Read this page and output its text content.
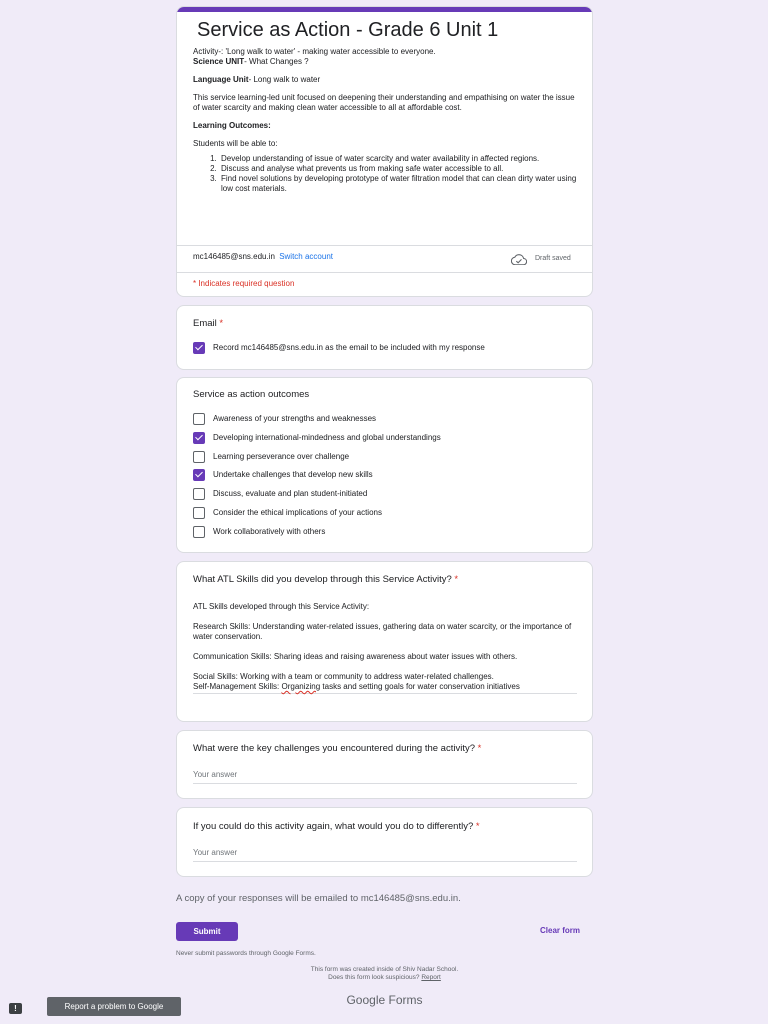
Service as Action - Grade 6 Unit 1

Activity-: 'Long walk to water' - making water accessible to everyone.

Science UNIT- What Changes ?

Language Unit- Long walk to water

This service learning-led unit focused on deepening their understanding and empathising on water the issue of water scarcity and making clean water accessible to all at affordable cost.

Learning Outcomes:

Students will be able to:

1. Develop understanding of issue of water scarcity and water availability in affected regions.
2. Discuss and analyse what prevents us from making safe water accessible to all.
3. Find novel solutions by developing prototype of water filtration model that can clean dirty water using low cost materials.
mc146485@sns.edu.in Switch account	Draft saved
* Indicates required question
Email *
Record mc146485@sns.edu.in as the email to be included with my response
Service as action outcomes
Awareness of your strengths and weaknesses
Developing international-mindedness and global understandings
Learning perseverance over challenge
Undertake challenges that develop new skills
Discuss, evaluate and plan student-initiated
Consider the ethical implications of your actions
Work collaboratively with others
What ATL Skills did you develop through this Service Activity? *

ATL Skills developed through this Service Activity:

Research Skills: Understanding water-related issues, gathering data on water scarcity, or the importance of water conservation.

Communication Skills: Sharing ideas and raising awareness about water issues with others.

Social Skills: Working with a team or community to address water-related challenges.

Self-Management Skills: Organizing tasks and setting goals for water conservation initiatives

What were the key challenges you encountered during the activity? *
Your answer
If you could do this activity again, what would you do to differently? *
Your answer
A copy of your responses will be emailed to mc146485@sns.edu.in.
Submit	Clear form
Never submit passwords through Google Forms.
This form was created inside of Shiv Nadar School.
Does this form look suspicious? Report
Google Forms
!	Report a problem to Google
